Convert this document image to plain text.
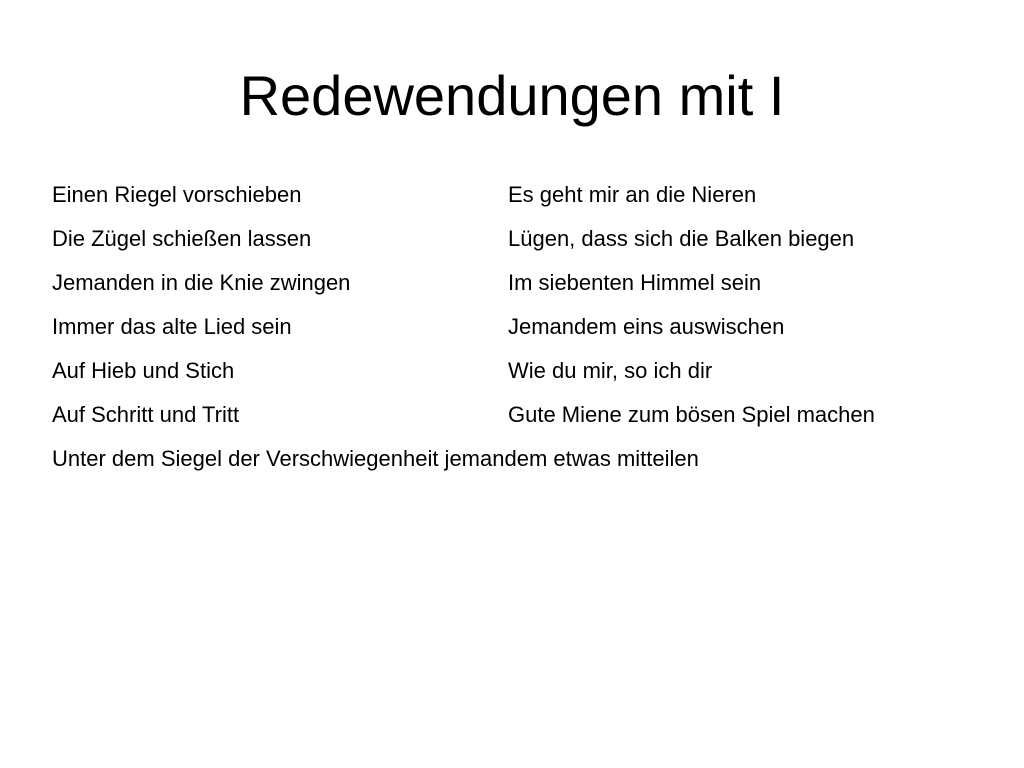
Redewendungen mit I
Einen Riegel vorschieben	Es geht mir an die Nieren
Die Zügel schießen lassen	Lügen, dass sich die Balken biegen
Jemanden in die Knie zwingen	Im siebenten Himmel sein
Immer das alte Lied sein	Jemandem eins auswischen
Auf Hieb und Stich	Wie du mir, so ich dir
Auf Schritt und Tritt	Gute Miene zum bösen Spiel machen
Unter dem Siegel der Verschwiegenheit jemandem etwas mitteilen
